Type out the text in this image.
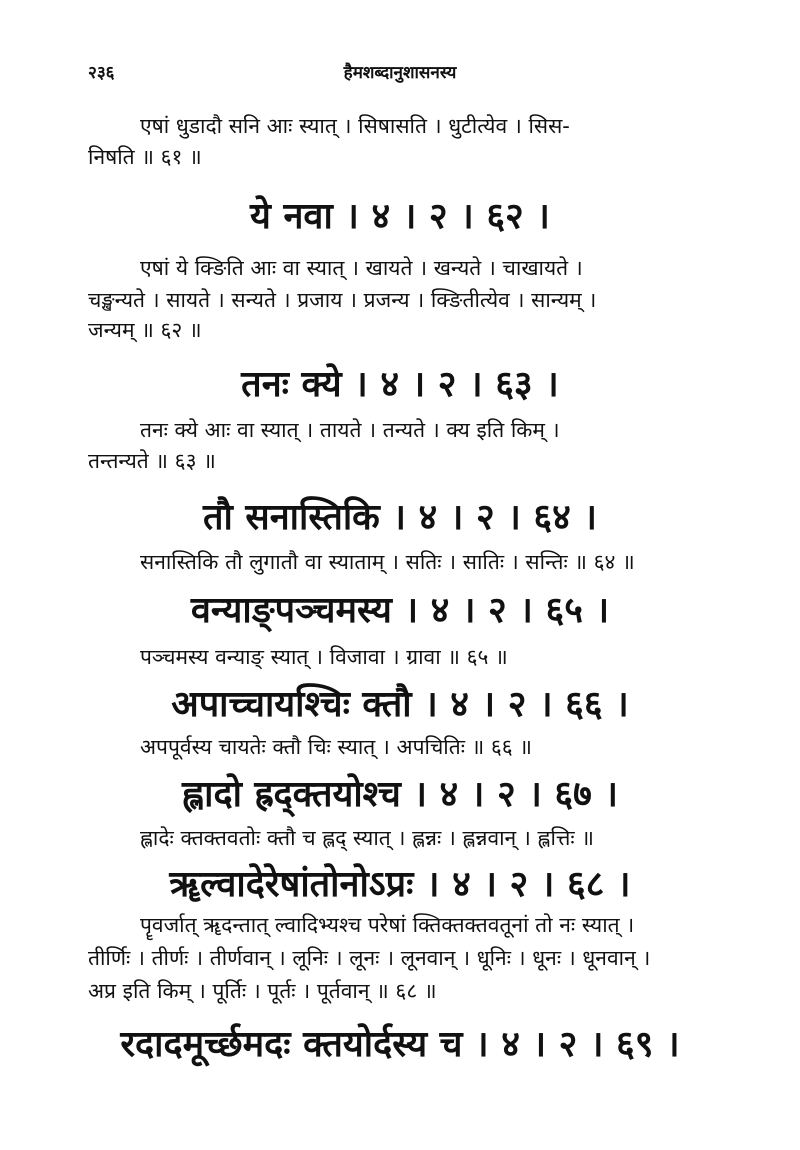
२३६	हैमशब्दानुशासनस्य
एषां धुडादौ सनि आः स्यात् । सिषासति । धुटीत्येव । सिस-
निषति ॥ ६१ ॥
ये नवा । ४ । २ । ६२ ।
एषां ये क्ङिति आः वा स्यात् । खायते । खन्यते । चाखायते ।
चङ्खन्यते । सायते । सन्यते । प्रजाय । प्रजन्य । क्ङितीत्येव । सान्यम् ।
जन्यम् ॥ ६२ ॥
तनः क्ये । ४ । २ । ६३ ।
तनः क्ये आः वा स्यात् । तायते । तन्यते । क्य इति किम् ।
तन्तन्यते ॥ ६३ ॥
तौ सनास्तिकि । ४ । २ । ६४ ।
सनास्तिकि तौ लुगातौ वा स्याताम् । सतिः । सातिः । सन्तिः ॥ ६४ ॥
वन्याङ्पञ्चमस्य । ४ । २ । ६५ ।
पञ्चमस्य वन्याङ् स्यात् । विजावा । ग्रावा ॥ ६५ ॥
अपाच्चायश्चिः क्तौ । ४ । २ । ६६ ।
अपपूर्वस्य चायतेः क्तौ चिः स्यात् । अपचितिः ॥ ६६ ॥
ह्लादो ह्रद्क्तयोश्च । ४ । २ । ६७ ।
ह्लादेः क्तक्तवतोः क्तौ च ह्लद् स्यात् । ह्लन्नः । ह्लन्नवान् । ह्लत्तिः ॥
ॠल्वादेरेषांतोनोऽप्रः । ४ । २ । ६८ ।
पॄवर्जात् ॠदन्तात् ल्वादिभ्यश्च परेषां क्तिक्तक्तवतूनां तो नः स्यात् ।
तीर्णिः । तीर्णः । तीर्णवान् । लूनिः । लूनः । लूनवान् । धूनिः । धूनः । धूनवान् ।
अप्र इति किम् । पूर्तिः । पूर्तः । पूर्तवान् ॥ ६८ ॥
रदादमूर्च्छमदः क्तयोर्दस्य च । ४ । २ । ६९ ।
